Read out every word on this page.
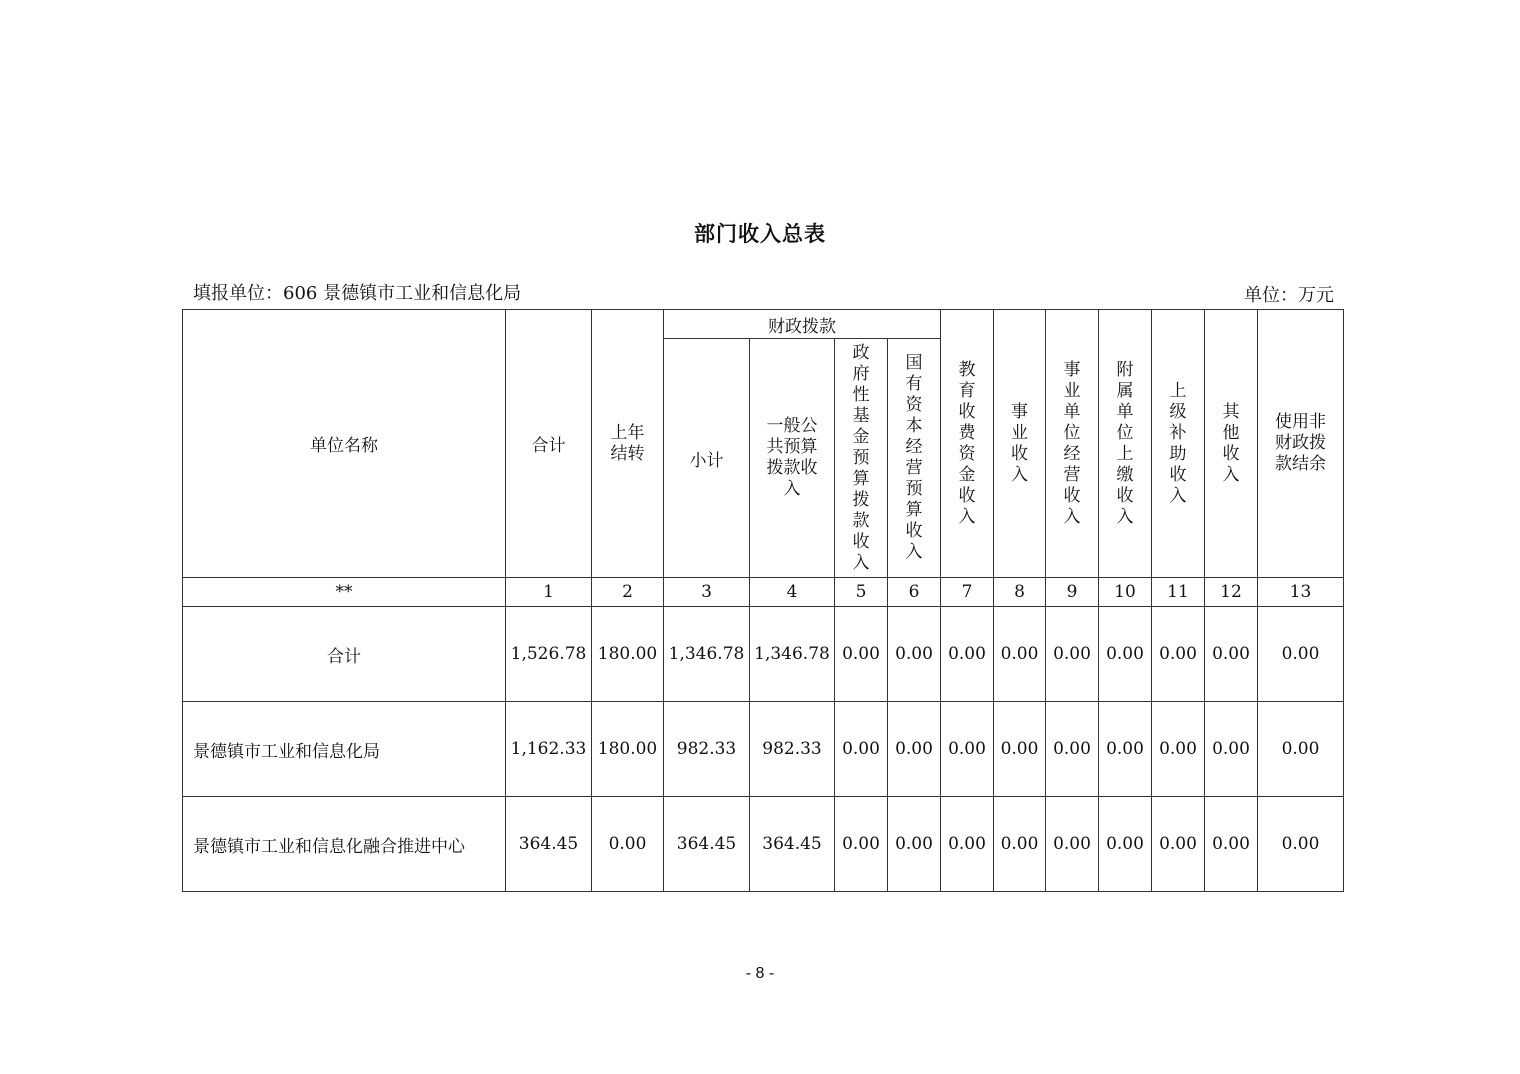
部门收入总表
填报单位：606 景德镇市工业和信息化局	单位：万元
单位名称	合计	上年结转	财政拨款				教育收费资金收入	事业收入	事业单位经营收入	附属单位上缴收入	上级补助收入	其他收入	使用非财政拨款结余
			小计	一般公共预算拨款收入	政府性基金预算拨款收入	国有资本经营预算收入							
**	1	2	3	4	5	6	7	8	9	10	11	12	13
合计	1,526.78	180.00	1,346.78	1,346.78	0.00	0.00	0.00	0.00	0.00	0.00	0.00	0.00	0.00
景德镇市工业和信息化局	1,162.33	180.00	982.33	982.33	0.00	0.00	0.00	0.00	0.00	0.00	0.00	0.00	0.00
景德镇市工业和信息化融合推进中心	364.45	0.00	364.45	364.45	0.00	0.00	0.00	0.00	0.00	0.00	0.00	0.00	0.00
- 8 -
